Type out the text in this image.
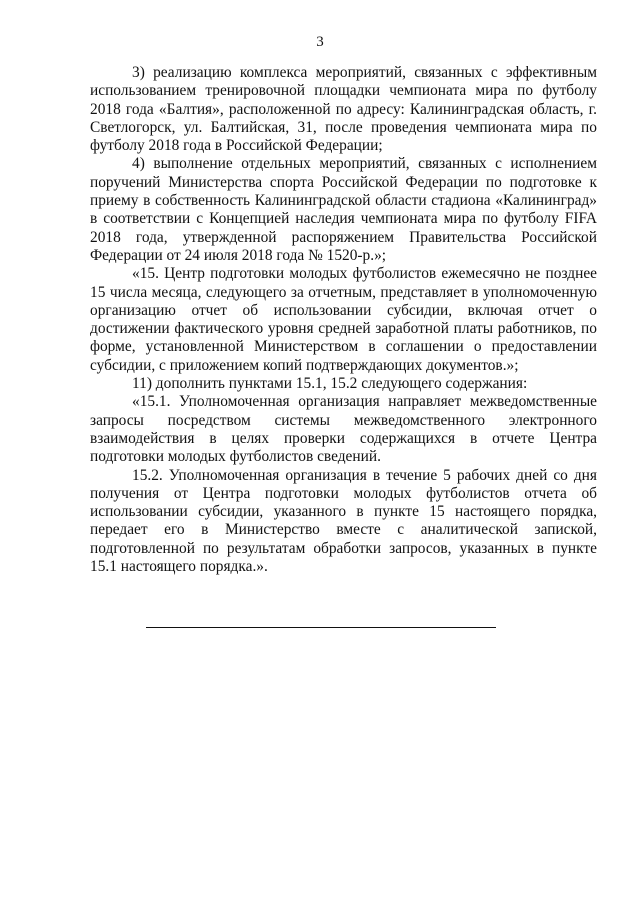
3

3) реализацию комплекса мероприятий, связанных с эффективным использованием тренировочной площадки чемпионата мира по футболу 2018 года «Балтия», расположенной по адресу: Калининградская область, г. Светлогорск, ул. Балтийская, 31, после проведения чемпионата мира по футболу 2018 года в Российской Федерации;

4) выполнение отдельных мероприятий, связанных с исполнением поручений Министерства спорта Российской Федерации по подготовке к приему в собственность Калининградской области стадиона «Калининград» в соответствии с Концепцией наследия чемпионата мира по футболу FIFA 2018 года, утвержденной распоряжением Правительства Российской Федерации от 24 июля 2018 года № 1520-р.»;

«15. Центр подготовки молодых футболистов ежемесячно не позднее 15 числа месяца, следующего за отчетным, представляет в уполномоченную организацию отчет об использовании субсидии, включая отчет о достижении фактического уровня средней заработной платы работников, по форме, установленной Министерством в соглашении о предоставлении субсидии, с приложением копий подтверждающих документов.»;

11) дополнить пунктами 15.1, 15.2 следующего содержания:

«15.1. Уполномоченная организация направляет межведомственные запросы посредством системы межведомственного электронного взаимодействия в целях проверки содержащихся в отчете Центра подготовки молодых футболистов сведений.

15.2. Уполномоченная организация в течение 5 рабочих дней со дня получения от Центра подготовки молодых футболистов отчета об использовании субсидии, указанного в пункте 15 настоящего порядка, передает его в Министерство вместе с аналитической запиской, подготовленной по результатам обработки запросов, указанных в пункте 15.1 настоящего порядка.».
